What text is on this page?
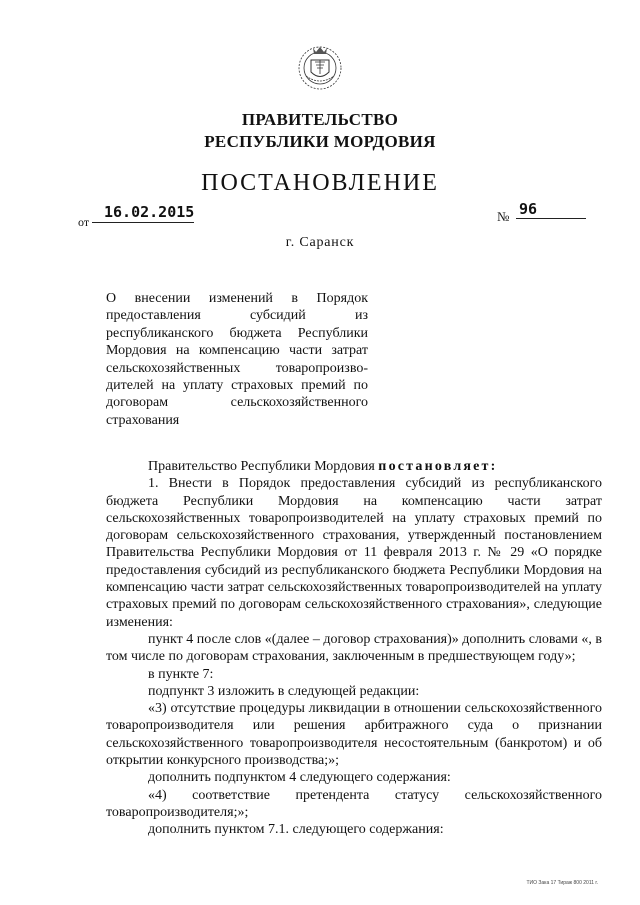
ПРАВИТЕЛЬСТВО
РЕСПУБЛИКИ МОРДОВИЯ
ПОСТАНОВЛЕНИЕ
от
16.02.2015	№ 96
г. Саранск
О внесении изменений в Порядок предоставления субсидий из республиканского бюджета Республики Мордовия на компенсацию части затрат сельскохозяйственных товаропроизво-дителей на уплату страховых премий по договорам сельскохозяйственного страхования

Правительство Республики Мордовия постановляет:

1. Внести в Порядок предоставления субсидий из республиканского бюджета Республики Мордовия на компенсацию части затрат сельскохозяйственных товаропроизводителей на уплату страховых премий по договорам сельскохозяйственного страхования, утвержденный постановлением Правительства Республики Мордовия от 11 февраля 2013 г. № 29 «О порядке предоставления субсидий из республиканского бюджета Республики Мордовия на компенсацию части затрат сельскохозяйственных товаропроизводителей на уплату страховых премий по договорам сельскохозяйственного страхования», следующие изменения:

пункт 4 после слов «(далее – договор страхования)» дополнить словами «, в том числе по договорам страхования, заключенным в предшествующем году»;

в пункте 7:

подпункт 3 изложить в следующей редакции:

«3) отсутствие процедуры ликвидации в отношении сельскохозяйственного товаропроизводителя или решения арбитражного суда о признании сельскохозяйственного товаропроизводителя несостоятельным (банкротом) и об открытии конкурсного производства;»;

дополнить подпунктом 4 следующего содержания:

«4) соответствие претендента статусу сельскохозяйственного товаропроизводителя;»;

дополнить пунктом 7.1. следующего содержания:

ТИО Зака 17 Тираж 800 2011 г.
